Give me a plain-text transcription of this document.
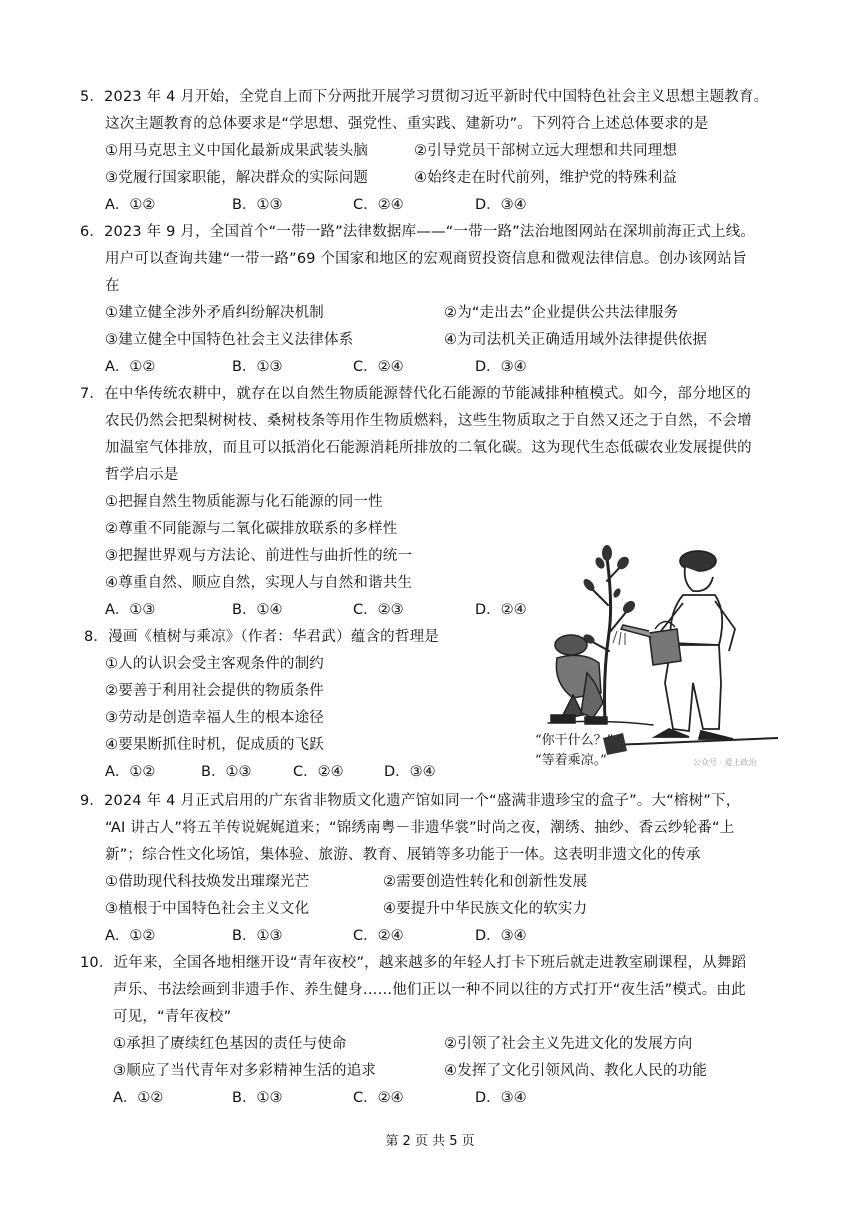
5．2023 年 4 月开始，全党自上而下分两批开展学习贯彻习近平新时代中国特色社会主义思想主题教育。
这次主题教育的总体要求是“学思想、强党性、重实践、建新功”。下列符合上述总体要求的是
①用马克思主义中国化最新成果武装头脑	②引导党员干部树立远大理想和共同理想
③党履行国家职能，解决群众的实际问题	④始终走在时代前列，维护党的特殊利益
A．①②	B．①③	C．②④	D．③④
6．2023 年 9 月，全国首个“一带一路”法律数据库——“一带一路”法治地图网站在深圳前海正式上线。
用户可以查询共建“一带一路”69 个国家和地区的宏观商贸投资信息和微观法律信息。创办该网站旨
在
①建立健全涉外矛盾纠纷解决机制	②为“走出去”企业提供公共法律服务
③建立健全中国特色社会主义法律体系	④为司法机关正确适用域外法律提供依据
A．①②	B．①③	C．②④	D．③④
7．在中华传统农耕中，就存在以自然生物质能源替代化石能源的节能减排种植模式。如今，部分地区的
农民仍然会把梨树树枝、桑树枝条等用作生物质燃料，这些生物质取之于自然又还之于自然，不会增
加温室气体排放，而且可以抵消化石能源消耗所排放的二氧化碳。这为现代生态低碳农业发展提供的
哲学启示是
①把握自然生物质能源与化石能源的同一性
②尊重不同能源与二氧化碳排放联系的多样性
③把握世界观与方法论、前进性与曲折性的统一
④尊重自然、顺应自然，实现人与自然和谐共生
A．①③	B．①④	C．②③	D．②④
8．漫画《植树与乘凉》（作者：华君武）蕴含的哲理是
①人的认识会受主客观条件的制约
②要善于利用社会提供的物质条件
③劳动是创造幸福人生的根本途径
④要果断抓住时机，促成质的飞跃
A．①②	B．①③	C．②④	D．③④
“你干什么？”
“等着乘凉。”	公众号 · 爱上政治
9．2024 年 4 月正式启用的广东省非物质文化遗产馆如同一个“盛满非遗珍宝的盒子”。大“榕树”下，
“AI 讲古人”将五羊传说娓娓道来；“锦绣南粤－非遗华裳”时尚之夜，潮绣、抽纱、香云纱轮番“上
新”；综合性文化场馆，集体验、旅游、教育、展销等多功能于一体。这表明非遗文化的传承
①借助现代科技焕发出璀璨光芒	②需要创造性转化和创新性发展
③植根于中国特色社会主义文化	④要提升中华民族文化的软实力
A．①②	B．①③	C．②④	D．③④
10．近年来，全国各地相继开设“青年夜校”，越来越多的年轻人打卡下班后就走进教室刷课程，从舞蹈
声乐、书法绘画到非遗手作、养生健身……他们正以一种不同以往的方式打开“夜生活”模式。由此
可见，“青年夜校”
①承担了赓续红色基因的责任与使命	②引领了社会主义先进文化的发展方向
③顺应了当代青年对多彩精神生活的追求	④发挥了文化引领风尚、教化人民的功能
A．①②	B．①③	C．②④	D．③④
第 2 页 共 5 页
